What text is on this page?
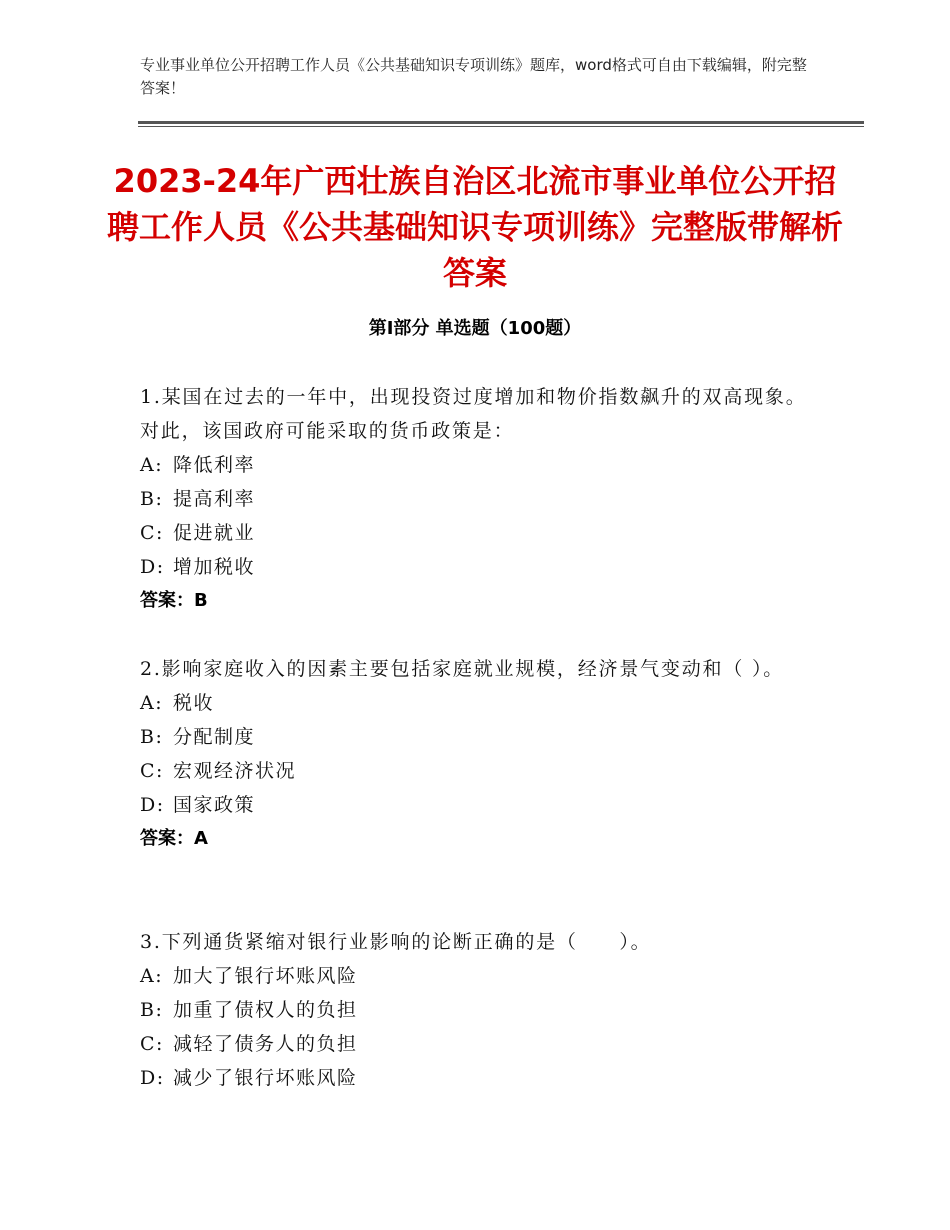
专业事业单位公开招聘工作人员《公共基础知识专项训练》题库，word格式可自由下载编辑，附完整答案！
2023-24年广西壮族自治区北流市事业单位公开招聘工作人员《公共基础知识专项训练》完整版带解析答案
第Ⅰ部分 单选题（100题）
1.某国在过去的一年中，出现投资过度增加和物价指数飙升的双高现象。对此，该国政府可能采取的货币政策是：
A: 降低利率
B: 提高利率
C: 促进就业
D: 增加税收
答案：B
2.影响家庭收入的因素主要包括家庭就业规模，经济景气变动和（ ）。
A: 税收
B: 分配制度
C: 宏观经济状况
D: 国家政策
答案：A
3.下列通货紧缩对银行业影响的论断正确的是（　　）。
A: 加大了银行坏账风险
B: 加重了债权人的负担
C: 减轻了债务人的负担
D: 减少了银行坏账风险
